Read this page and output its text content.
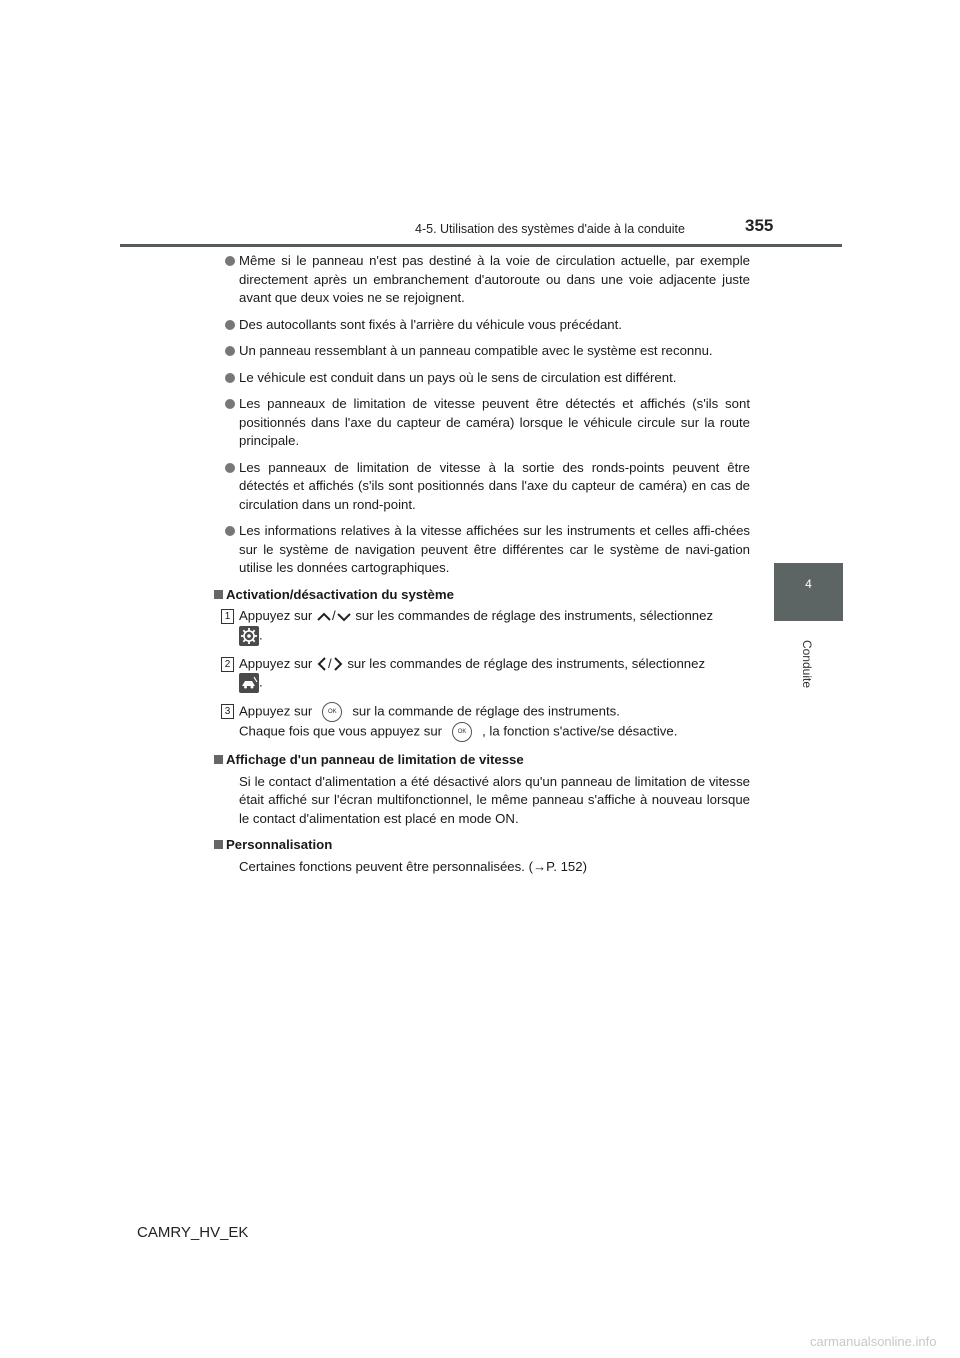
4-5. Utilisation des systèmes d'aide à la conduite	355
4
Conduite
Même si le panneau n'est pas destiné à la voie de circulation actuelle, par exemple directement après un embranchement d'autoroute ou dans une voie adjacente juste avant que deux voies ne se rejoignent.
Des autocollants sont fixés à l'arrière du véhicule vous précédant.
Un panneau ressemblant à un panneau compatible avec le système est reconnu.
Le véhicule est conduit dans un pays où le sens de circulation est différent.
Les panneaux de limitation de vitesse peuvent être détectés et affichés (s'ils sont positionnés dans l'axe du capteur de caméra) lorsque le véhicule circule sur la route principale.
Les panneaux de limitation de vitesse à la sortie des ronds-points peuvent être détectés et affichés (s'ils sont positionnés dans l'axe du capteur de caméra) en cas de circulation dans un rond-point.
Les informations relatives à la vitesse affichées sur les instruments et celles affi-chées sur le système de navigation peuvent être différentes car le système de navi-gation utilise les données cartographiques.
Activation/désactivation du système
1 Appuyez sur / sur les commandes de réglage des instruments, sélectionnez
.
2 Appuyez sur / sur les commandes de réglage des instruments, sélectionnez
.
3 Appuyez sur	OK sur la commande de réglage des instruments.
Chaque fois que vous appuyez sur	OK , la fonction s'active/se désactive.
Affichage d'un panneau de limitation de vitesse
Si le contact d'alimentation a été désactivé alors qu'un panneau de limitation de vitesse était affiché sur l'écran multifonctionnel, le même panneau s'affiche à nouveau lorsque le contact d'alimentation est placé en mode ON.
Personnalisation
Certaines fonctions peuvent être personnalisées. (→P. 152)
CAMRY_HV_EK
carmanualsonline.info
